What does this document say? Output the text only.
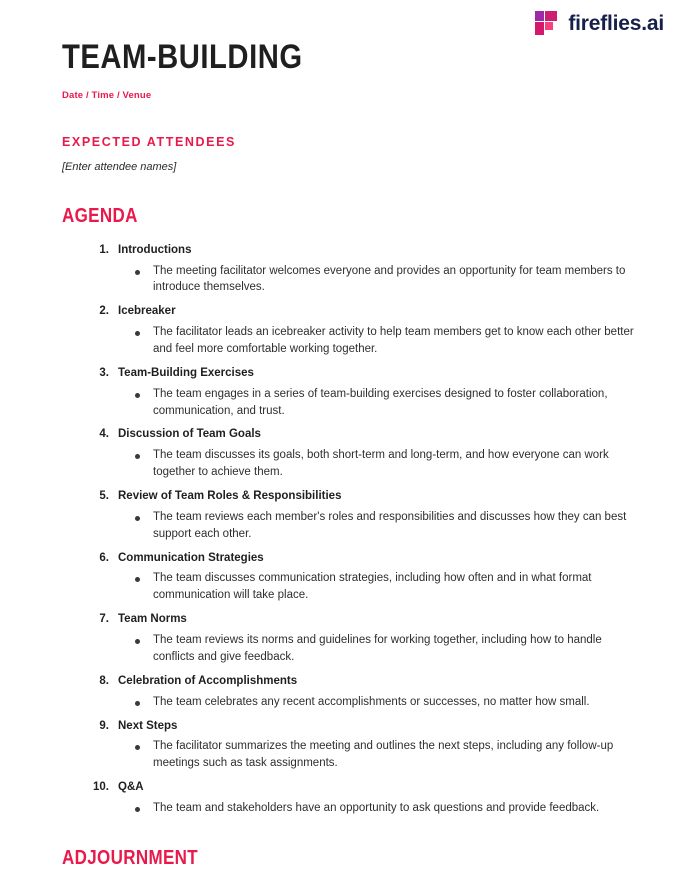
fireflies.ai
TEAM-BUILDING

Date / Time / Venue

EXPECTED ATTENDEES

[Enter attendee names]

AGENDA
1. Introductions
The meeting facilitator welcomes everyone and provides an opportunity for team members to introduce themselves.
2. Icebreaker
The facilitator leads an icebreaker activity to help team members get to know each other better and feel more comfortable working together.
3. Team-Building Exercises
The team engages in a series of team-building exercises designed to foster collaboration, communication, and trust.
4. Discussion of Team Goals
The team discusses its goals, both short-term and long-term, and how everyone can work together to achieve them.
5. Review of Team Roles & Responsibilities
The team reviews each member's roles and responsibilities and discusses how they can best support each other.
6. Communication Strategies
The team discusses communication strategies, including how often and in what format communication will take place.
7. Team Norms
The team reviews its norms and guidelines for working together, including how to handle conflicts and give feedback.
8. Celebration of Accomplishments
The team celebrates any recent accomplishments or successes, no matter how small.
9. Next Steps
The facilitator summarizes the meeting and outlines the next steps, including any follow-up meetings such as task assignments.
10. Q&A
The team and stakeholders have an opportunity to ask questions and provide feedback.
ADJOURNMENT
